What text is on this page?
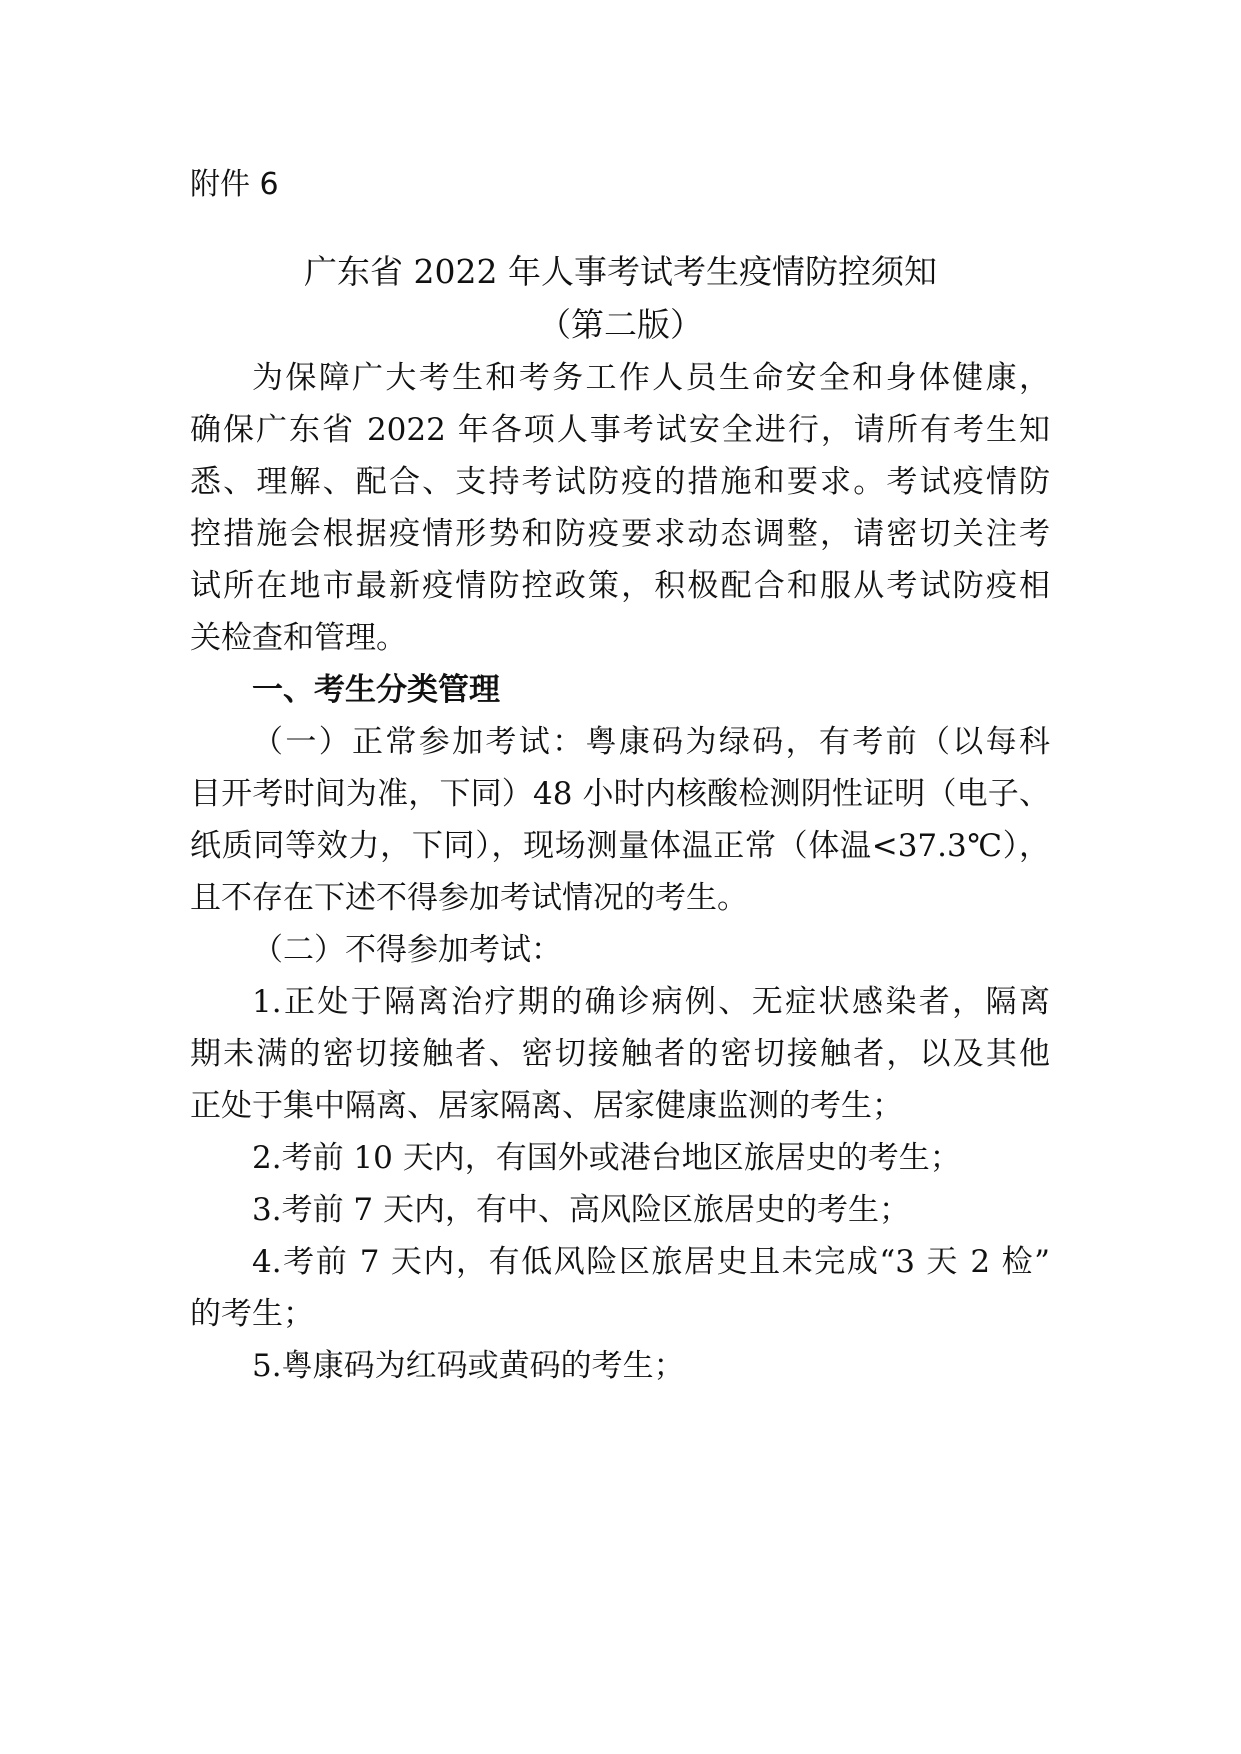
附件 6
广东省 2022 年人事考试考生疫情防控须知
（第二版）
为保障广大考生和考务工作人员生命安全和身体健康，
确保广东省 2022 年各项人事考试安全进行，请所有考生知
悉、理解、配合、支持考试防疫的措施和要求。考试疫情防
控措施会根据疫情形势和防疫要求动态调整，请密切关注考
试所在地市最新疫情防控政策，积极配合和服从考试防疫相
关检查和管理。
一、考生分类管理
（一）正常参加考试：粤康码为绿码，有考前（以每科
目开考时间为准，下同）48 小时内核酸检测阴性证明（电子、
纸质同等效力，下同），现场测量体温正常（体温<37.3℃），
且不存在下述不得参加考试情况的考生。
（二）不得参加考试：
1.正处于隔离治疗期的确诊病例、无症状感染者，隔离
期未满的密切接触者、密切接触者的密切接触者，以及其他
正处于集中隔离、居家隔离、居家健康监测的考生；
2.考前 10 天内，有国外或港台地区旅居史的考生；
3.考前 7 天内，有中、高风险区旅居史的考生；
4.考前 7 天内，有低风险区旅居史且未完成“3 天 2 检”
的考生；
5.粤康码为红码或黄码的考生；
